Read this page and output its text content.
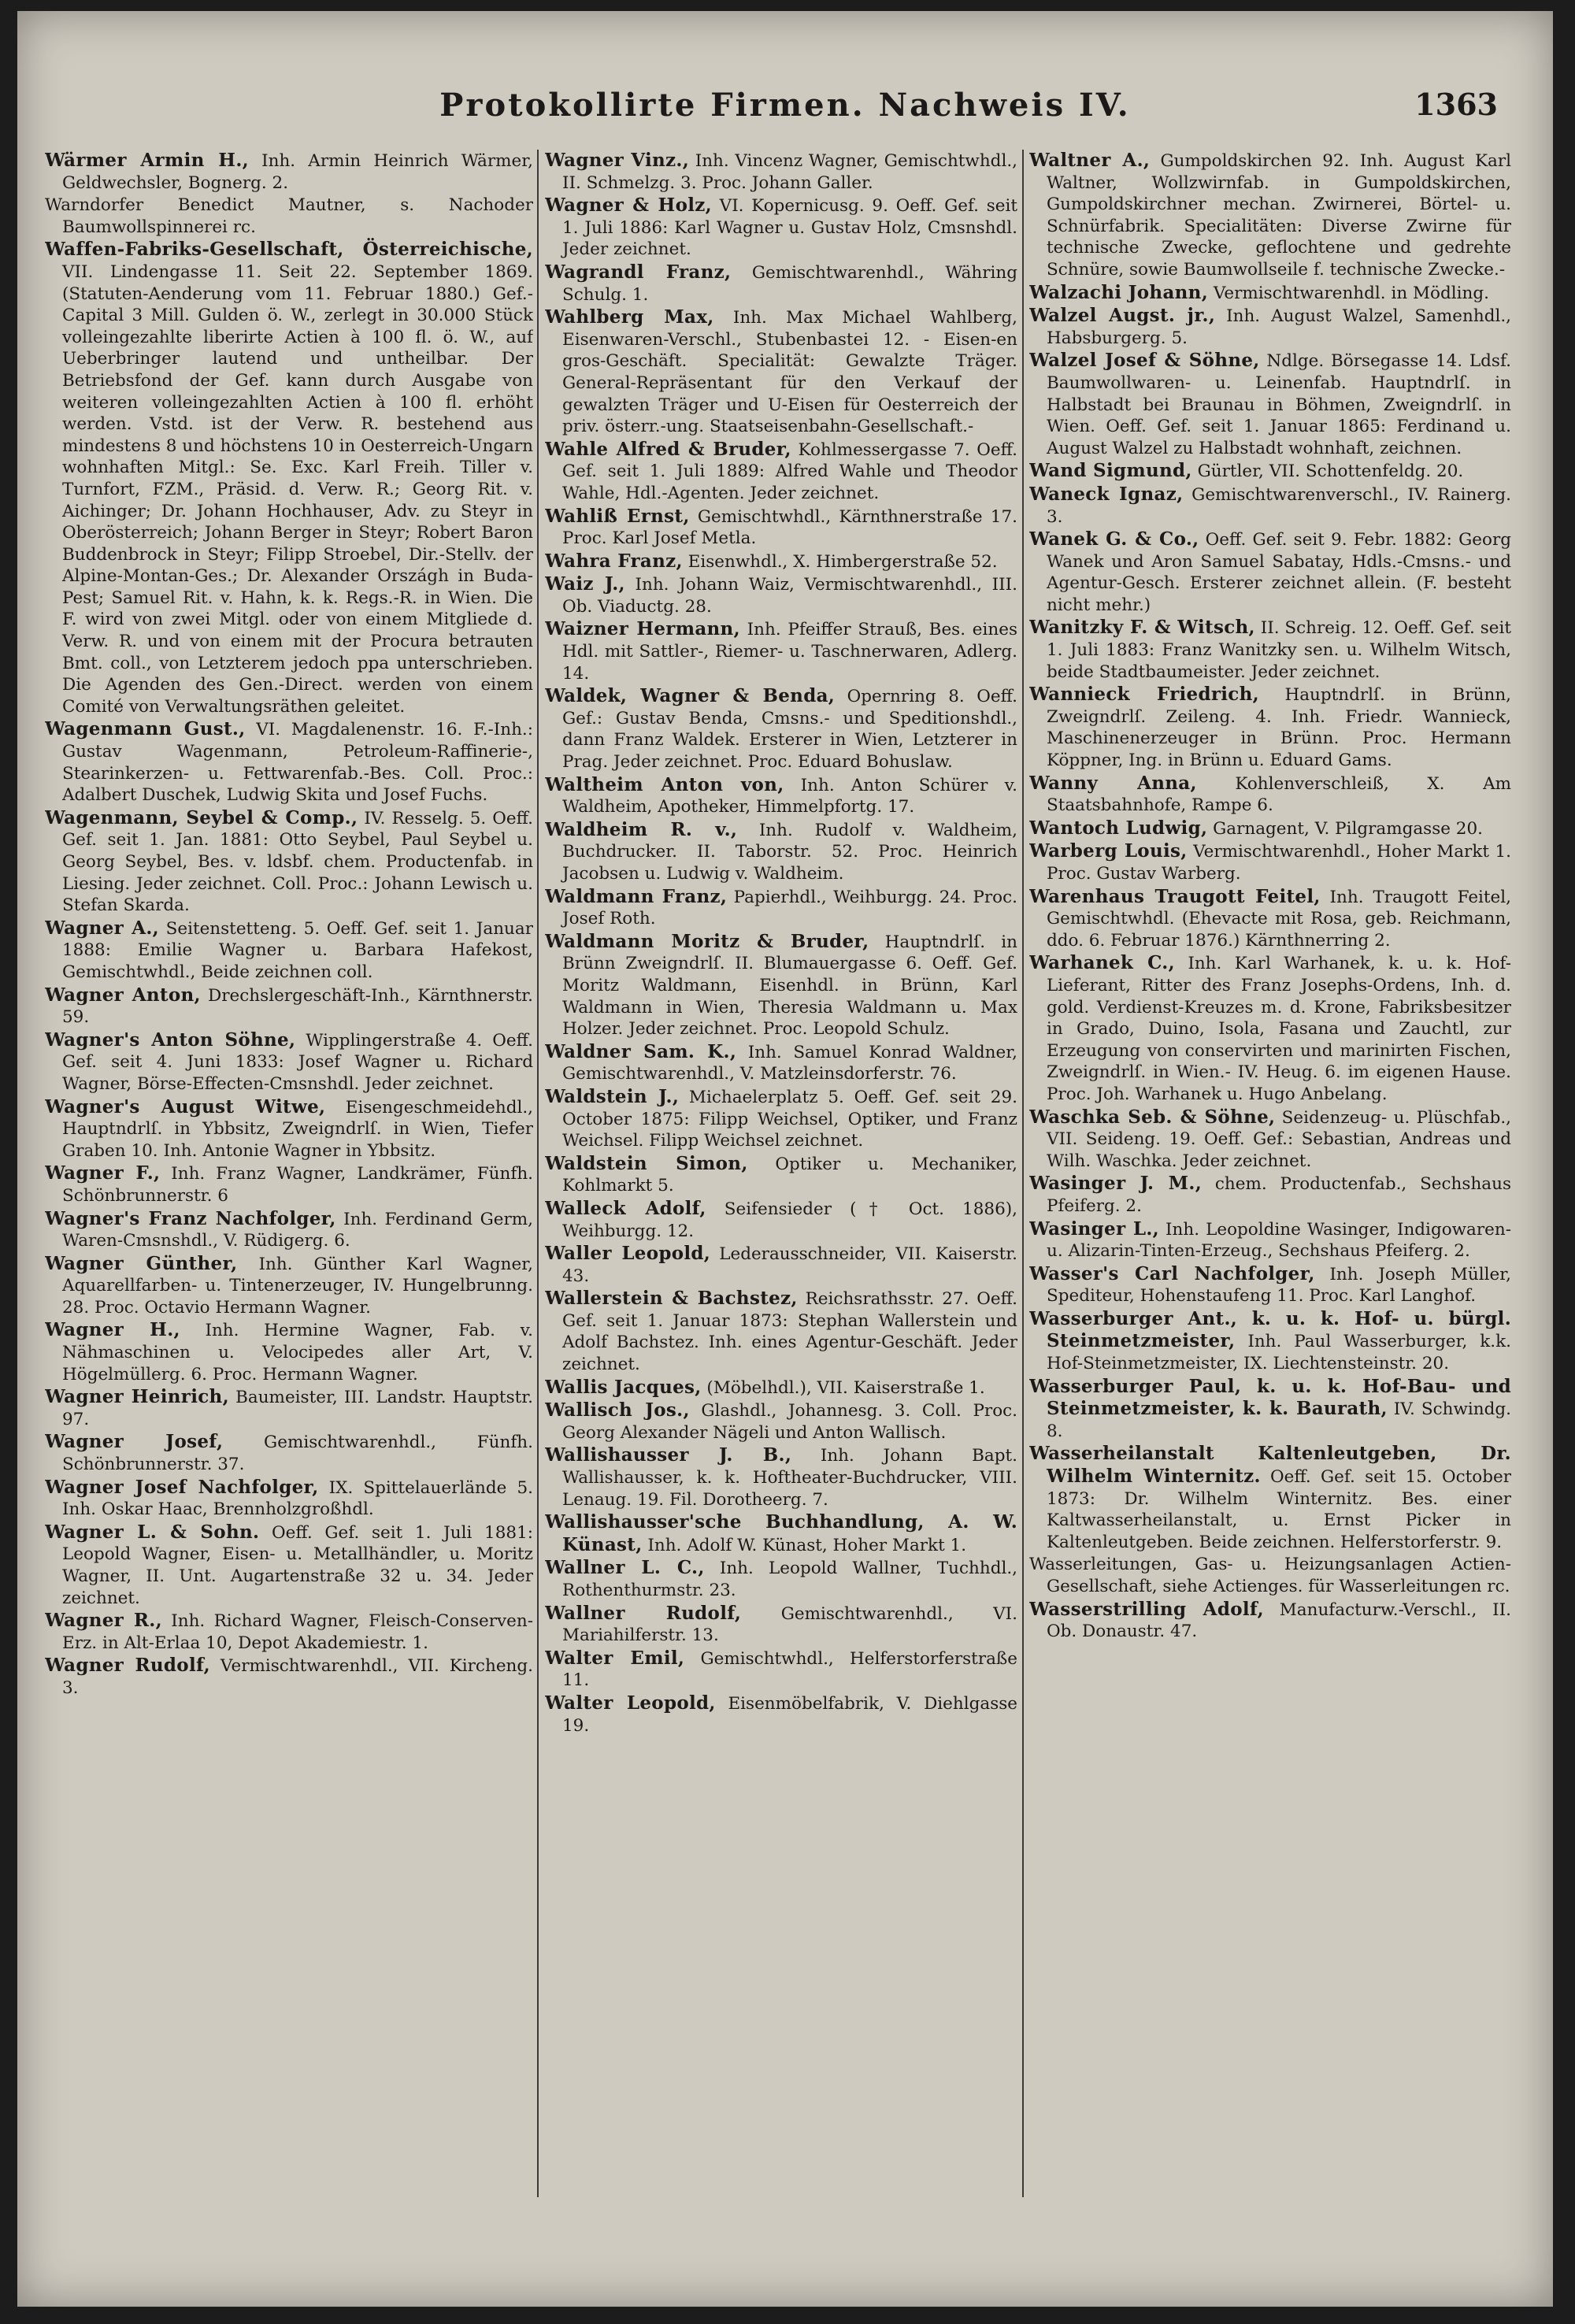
Protokollirte Firmen. Nachweis IV.	1363
Wärmer Armin H., Inh. Armin Heinrich Wärmer, Geldwechsler, Bognerg. 2.
Warndorfer Benedict Mautner, s. Nachoder Baumwollspinnerei rc.
Waffen-Fabriks-Gesellschaft, Österreichische, VII. Lindengasse 11. Seit 22. September 1869. (Statuten-Aenderung vom 11. Februar 1880.) Gef.-Capital 3 Mill. Gulden ö. W., zerlegt in 30.000 Stück volleingezahlte liberirte Actien à 100 fl. ö. W., auf Ueberbringer lautend und untheilbar. Der Betriebsfond der Gef. kann durch Ausgabe von weiteren volleingezahlten Actien à 100 fl. erhöht werden. Vstd. ist der Verw. R. bestehend aus mindestens 8 und höchstens 10 in Oesterreich-Ungarn wohnhaften Mitgl.: Se. Exc. Karl Freih. Tiller v. Turnfort, FZM., Präsid. d. Verw. R.; Georg Rit. v. Aichinger; Dr. Johann Hochhauser, Adv. zu Steyr in Oberösterreich; Johann Berger in Steyr; Robert Baron Buddenbrock in Steyr; Filipp Stroebel, Dir.-Stellv. der Alpine-Montan-Ges.; Dr. Alexander Országh in Buda-Pest; Samuel Rit. v. Hahn, k. k. Regs.-R. in Wien. Die F. wird von zwei Mitgl. oder von einem Mitgliede d. Verw. R. und von einem mit der Procura betrauten Bmt. coll., von Letzterem jedoch ppa unterschrieben. Die Agenden des Gen.-Direct. werden von einem Comité von Verwaltungsräthen geleitet.
Wagenmann Gust., VI. Magdalenenstr. 16. F.-Inh.: Gustav Wagenmann, Petroleum-Raffinerie-, Stearinkerzen- u. Fettwarenfab.-Bes. Coll. Proc.: Adalbert Duschek, Ludwig Skita und Josef Fuchs.
Wagenmann, Seybel & Comp., IV. Resselg. 5. Oeff. Gef. seit 1. Jan. 1881: Otto Seybel, Paul Seybel u. Georg Seybel, Bes. v. ldsbf. chem. Productenfab. in Liesing. Jeder zeichnet. Coll. Proc.: Johann Lewisch u. Stefan Skarda.
Wagner A., Seitenstetteng. 5. Oeff. Gef. seit 1. Januar 1888: Emilie Wagner u. Barbara Hafekost, Gemischtwhdl., Beide zeichnen coll.
Wagner Anton, Drechslergeschäft-Inh., Kärnthnerstr. 59.
Wagner's Anton Söhne, Wipplingerstraße 4. Oeff. Gef. seit 4. Juni 1833: Josef Wagner u. Richard Wagner, Börse-Effecten-Cmsnshdl. Jeder zeichnet.
Wagner's August Witwe, Eisengeschmeidehdl., Hauptndrlſ. in Ybbsitz, Zweigndrlſ. in Wien, Tiefer Graben 10. Inh. Antonie Wagner in Ybbsitz.
Wagner F., Inh. Franz Wagner, Landkrämer, Fünfh. Schönbrunnerstr. 6
Wagner's Franz Nachfolger, Inh. Ferdinand Germ, Waren-Cmsnshdl., V. Rüdigerg. 6.
Wagner Günther, Inh. Günther Karl Wagner, Aquarellfarben- u. Tintenerzeuger, IV. Hungelbrunng. 28. Proc. Octavio Hermann Wagner.
Wagner H., Inh. Hermine Wagner, Fab. v. Nähmaschinen u. Velocipedes aller Art, V. Högelmüllerg. 6. Proc. Hermann Wagner.
Wagner Heinrich, Baumeister, III. Landstr. Hauptstr. 97.
Wagner Josef, Gemischtwarenhdl., Fünfh. Schönbrunnerstr. 37.
Wagner Josef Nachfolger, IX. Spittelauerlände 5. Inh. Oskar Haac, Brennholzgroßhdl.
Wagner L. & Sohn. Oeff. Gef. seit 1. Juli 1881: Leopold Wagner, Eisen- u. Metallhändler, u. Moritz Wagner, II. Unt. Augartenstraße 32 u. 34. Jeder zeichnet.
Wagner R., Inh. Richard Wagner, Fleisch-Conserven-Erz. in Alt-Erlaa 10, Depot Akademiestr. 1.
Wagner Rudolf, Vermischtwarenhdl., VII. Kircheng. 3.
Wagner Vinz., Inh. Vincenz Wagner, Gemischtwhdl., II. Schmelzg. 3. Proc. Johann Galler.
Wagner & Holz, VI. Kopernicusg. 9. Oeff. Gef. seit 1. Juli 1886: Karl Wagner u. Gustav Holz, Cmsnshdl. Jeder zeichnet.
Wagrandl Franz, Gemischtwarenhdl., Währing Schulg. 1.
Wahlberg Max, Inh. Max Michael Wahlberg, Eisenwaren-Verschl., Stubenbastei 12. - Eisen-en gros-Geschäft. Specialität: Gewalzte Träger. General-Repräsentant für den Verkauf der gewalzten Träger und U-Eisen für Oesterreich der priv. österr.-ung. Staatseisenbahn-Gesellschaft.-
Wahle Alfred & Bruder, Kohlmessergasse 7. Oeff. Gef. seit 1. Juli 1889: Alfred Wahle und Theodor Wahle, Hdl.-Agenten. Jeder zeichnet.
Wahliß Ernst, Gemischtwhdl., Kärnthnerstraße 17. Proc. Karl Josef Metla.
Wahra Franz, Eisenwhdl., X. Himbergerstraße 52.
Waiz J., Inh. Johann Waiz, Vermischtwarenhdl., III. Ob. Viaductg. 28.
Waizner Hermann, Inh. Pfeiffer Strauß, Bes. eines Hdl. mit Sattler-, Riemer- u. Taschnerwaren, Adlerg. 14.
Waldek, Wagner & Benda, Opernring 8. Oeff. Gef.: Gustav Benda, Cmsns.- und Speditionshdl., dann Franz Waldek. Ersterer in Wien, Letzterer in Prag. Jeder zeichnet. Proc. Eduard Bohuslaw.
Waltheim Anton von, Inh. Anton Schürer v. Waldheim, Apotheker, Himmelpfortg. 17.
Waldheim R. v., Inh. Rudolf v. Waldheim, Buchdrucker. II. Taborstr. 52. Proc. Heinrich Jacobsen u. Ludwig v. Waldheim.
Waldmann Franz, Papierhdl., Weihburgg. 24. Proc. Josef Roth.
Waldmann Moritz & Bruder, Hauptndrlſ. in Brünn Zweigndrlſ. II. Blumauergasse 6. Oeff. Gef. Moritz Waldmann, Eisenhdl. in Brünn, Karl Waldmann in Wien, Theresia Waldmann u. Max Holzer. Jeder zeichnet. Proc. Leopold Schulz.
Waldner Sam. K., Inh. Samuel Konrad Waldner, Gemischtwarenhdl., V. Matzleinsdorferstr. 76.
Waldstein J., Michaelerplatz 5. Oeff. Gef. seit 29. October 1875: Filipp Weichsel, Optiker, und Franz Weichsel. Filipp Weichsel zeichnet.
Waldstein Simon, Optiker u. Mechaniker, Kohlmarkt 5.
Walleck Adolf, Seifensieder († Oct. 1886), Weihburgg. 12.
Waller Leopold, Lederausschneider, VII. Kaiserstr. 43.
Wallerstein & Bachstez, Reichsrathsstr. 27. Oeff. Gef. seit 1. Januar 1873: Stephan Wallerstein und Adolf Bachstez. Inh. eines Agentur-Geschäft. Jeder zeichnet.
Wallis Jacques, (Möbelhdl.), VII. Kaiserstraße 1.
Wallisch Jos., Glashdl., Johannesg. 3. Coll. Proc. Georg Alexander Nägeli und Anton Wallisch.
Wallishausser J. B., Inh. Johann Bapt. Wallishausser, k. k. Hoftheater-Buchdrucker, VIII. Lenaug. 19. Fil. Dorotheerg. 7.
Wallishausser'sche Buchhandlung, A. W. Künast, Inh. Adolf W. Künast, Hoher Markt 1.
Wallner L. C., Inh. Leopold Wallner, Tuchhdl., Rothenthurmstr. 23.
Wallner Rudolf, Gemischtwarenhdl., VI. Mariahilferstr. 13.
Walter Emil, Gemischtwhdl., Helferstorferstraße 11.
Walter Leopold, Eisenmöbelfabrik, V. Diehlgasse 19.
Waltner A., Gumpoldskirchen 92. Inh. August Karl Waltner, Wollzwirnfab. in Gumpoldskirchen, Gumpoldskirchner mechan. Zwirnerei, Börtel- u. Schnürfabrik. Specialitäten: Diverse Zwirne für technische Zwecke, geflochtene und gedrehte Schnüre, sowie Baumwollseile f. technische Zwecke.-
Walzachi Johann, Vermischtwarenhdl. in Mödling.
Walzel Augst. jr., Inh. August Walzel, Samenhdl., Habsburgerg. 5.
Walzel Josef & Söhne, Ndlge. Börsegasse 14. Ldsf. Baumwollwaren- u. Leinenfab. Hauptndrlſ. in Halbstadt bei Braunau in Böhmen, Zweigndrlſ. in Wien. Oeff. Gef. seit 1. Januar 1865: Ferdinand u. August Walzel zu Halbstadt wohnhaft, zeichnen.
Wand Sigmund, Gürtler, VII. Schottenfeldg. 20.
Waneck Ignaz, Gemischtwarenverschl., IV. Rainerg. 3.
Wanek G. & Co., Oeff. Gef. seit 9. Febr. 1882: Georg Wanek und Aron Samuel Sabatay, Hdls.-Cmsns.- und Agentur-Gesch. Ersterer zeichnet allein. (F. besteht nicht mehr.)
Wanitzky F. & Witsch, II. Schreig. 12. Oeff. Gef. seit 1. Juli 1883: Franz Wanitzky sen. u. Wilhelm Witsch, beide Stadtbaumeister. Jeder zeichnet.
Wannieck Friedrich, Hauptndrlſ. in Brünn, Zweigndrlſ. Zeileng. 4. Inh. Friedr. Wannieck, Maschinenerzeuger in Brünn. Proc. Hermann Köppner, Ing. in Brünn u. Eduard Gams.
Wanny Anna, Kohlenverschleiß, X. Am Staatsbahnhofe, Rampe 6.
Wantoch Ludwig, Garnagent, V. Pilgramgasse 20.
Warberg Louis, Vermischtwarenhdl., Hoher Markt 1. Proc. Gustav Warberg.
Warenhaus Traugott Feitel, Inh. Traugott Feitel, Gemischtwhdl. (Ehevacte mit Rosa, geb. Reichmann, ddo. 6. Februar 1876.) Kärnthnerring 2.
Warhanek C., Inh. Karl Warhanek, k. u. k. Hof-Lieferant, Ritter des Franz Josephs-Ordens, Inh. d. gold. Verdienst-Kreuzes m. d. Krone, Fabriksbesitzer in Grado, Duino, Isola, Fasana und Zauchtl, zur Erzeugung von conservirten und marinirten Fischen, Zweigndrlſ. in Wien.- IV. Heug. 6. im eigenen Hause. Proc. Joh. Warhanek u. Hugo Anbelang.
Waschka Seb. & Söhne, Seidenzeug- u. Plüschfab., VII. Seideng. 19. Oeff. Gef.: Sebastian, Andreas und Wilh. Waschka. Jeder zeichnet.
Wasinger J. M., chem. Productenfab., Sechshaus Pfeiferg. 2.
Wasinger L., Inh. Leopoldine Wasinger, Indigowaren- u. Alizarin-Tinten-Erzeug., Sechshaus Pfeiferg. 2.
Wasser's Carl Nachfolger, Inh. Joseph Müller, Spediteur, Hohenstaufeng 11. Proc. Karl Langhof.
Wasserburger Ant., k. u. k. Hof- u. bürgl. Steinmetzmeister, Inh. Paul Wasserburger, k.k. Hof-Steinmetzmeister, IX. Liechtensteinstr. 20.
Wasserburger Paul, k. u. k. Hof-Bau- und Steinmetzmeister, k. k. Baurath, IV. Schwindg. 8.
Wasserheilanstalt Kaltenleutgeben, Dr. Wilhelm Winternitz. Oeff. Gef. seit 15. October 1873: Dr. Wilhelm Winternitz. Bes. einer Kaltwasserheilanstalt, u. Ernst Picker in Kaltenleutgeben. Beide zeichnen. Helferstorferstr. 9.
Wasserleitungen, Gas- u. Heizungsanlagen Actien-Gesellschaft, siehe Actienges. für Wasserleitungen rc.
Wasserstrilling Adolf, Manufacturw.-Verschl., II. Ob. Donaustr. 47.
